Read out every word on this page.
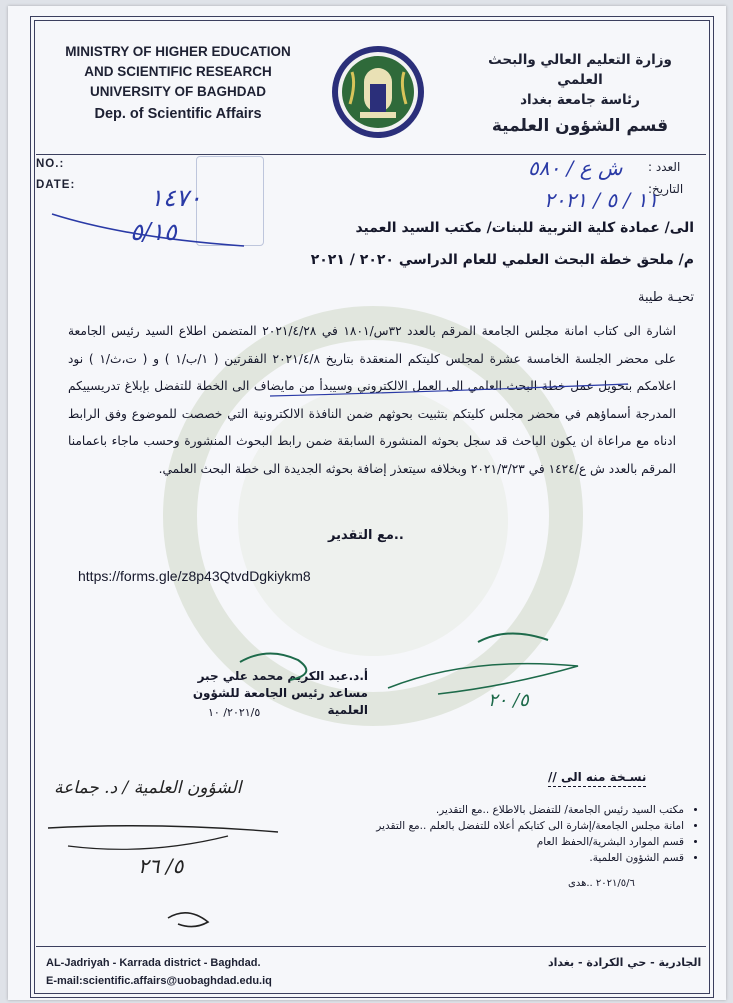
MINISTRY OF HIGHER EDUCATION
AND SCIENTIFIC RESEARCH
UNIVERSITY OF BAGHDAD
Dep. of Scientific Affairs
وزارة التعليم العالي والبحث العلمي
رئاسة جامعة بغداد
قسم الشؤون العلمية
NO.:
DATE:
العدد :
التاريخ:
ش ع / ٥٨٠
١١ / ٥ / ٢٠٢١
١٤٧٠
٥/١٥	الى/ عمادة كلية التربية للبنات/ مكتب السيد العميد
م/ ملحق خطة البحث العلمي للعام الدراسي ٢٠٢٠ / ٢٠٢١
تحيـة طيبة
اشارة الى كتاب امانة مجلس الجامعة المرقم بالعدد ٣٢س/١٨٠١ في ٢٠٢١/٤/٢٨ المتضمن اطلاع السيد رئيس الجامعة على محضر الجلسة الخامسة عشرة لمجلس كليتكم المنعقدة بتاريخ ٢٠٢١/٤/٨ الفقرتين ( ١/ب/١ ) و ( ت،ث/١ ) نود اعلامكم بتحويل عمل خطة البحث العلمي الى العمل الالكتروني وسيبدأ من مايضاف الى الخطة للتفضل بإبلاغ تدريسييكم المدرجة أسماؤهم في محضر مجلس كليتكم بتثبيت بحوثهم ضمن النافذة الالكترونية التي خصصت للموضوع وفق الرابط ادناه مع مراعاة ان يكون الباحث قد سجل بحوثه المنشورة السابقة ضمن رابط البحوث المنشورة وحسب ماجاء باعمامنا المرقم بالعدد ش ع/١٤٢٤ في ٢٠٢١/٣/٢٣ وبخلافه سيتعذر إضافة بحوثه الجديدة الى خطة البحث العلمي.
..مع التقدير
https://forms.gle/z8p43QtvdDgkiykm8
أ.د.عبد الكريم محمد علي جبر
مساعد رئيس الجامعة للشؤون العلمية
٢٠٢١/٥/ ١٠
نسـخة منه الى //
• مكتب السيد رئيس الجامعة/ للتفضل بالاطلاع ..مع التقدير.
• امانة مجلس الجامعة/إشارة الى كتابكم أعلاه للتفضل بالعلم ..مع التقدير
• قسم الموارد البشرية/الحفظ العام
• قسم الشؤون العلمية.
٢٠٢١/٥/٦ ..هدى
الشؤون العلمية / د. جماعة
٥/ ٢٦
٥/ ٢٠
AL-Jadriyah - Karrada district - Baghdad.
E-mail:scientific.affairs@uobaghdad.edu.iq
الجادرية - حي الكرادة - بغداد
